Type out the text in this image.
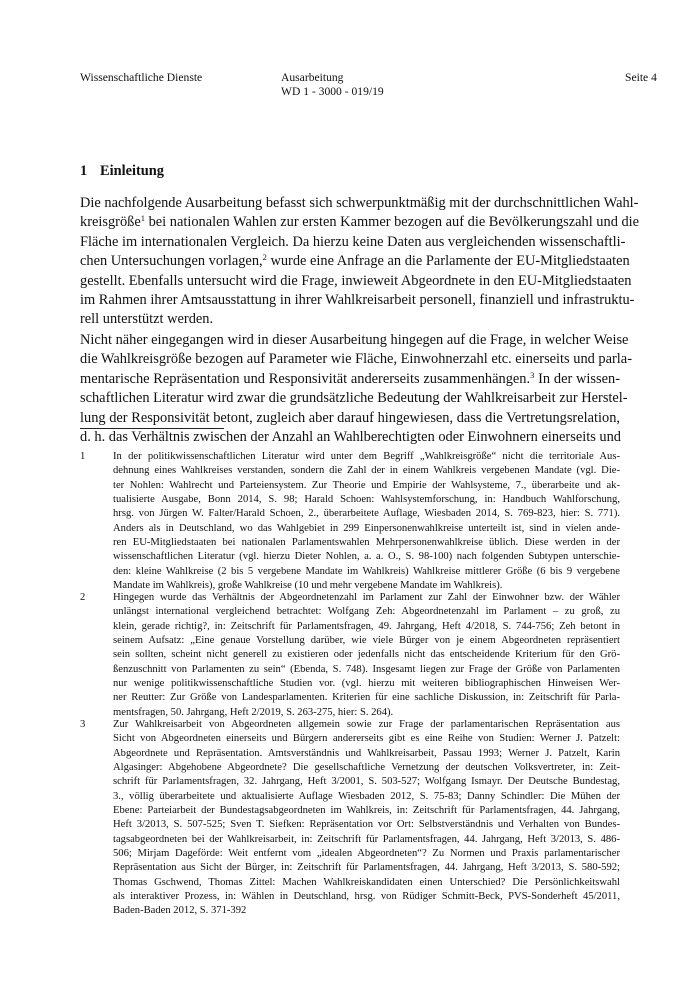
Wissenschaftliche Dienste	Ausarbeitung
WD 1 - 3000 - 019/19
Seite 4
1 Einleitung
Die nachfolgende Ausarbeitung befasst sich schwerpunktmäßig mit der durchschnittlichen Wahl-
kreisgröße$^1$ bei nationalen Wahlen zur ersten Kammer bezogen auf die Bevölkerungszahl und die
Fläche im internationalen Vergleich. Da hierzu keine Daten aus vergleichenden wissenschaftli-
chen Untersuchungen vorlagen,$^2$ wurde eine Anfrage an die Parlamente der EU-Mitgliedstaaten
gestellt. Ebenfalls untersucht wird die Frage, inwieweit Abgeordnete in den EU-Mitgliedstaaten
im Rahmen ihrer Amtsausstattung in ihrer Wahlkreisarbeit personell, finanziell und infrastruktu-
rell unterstützt werden.
Nicht näher eingegangen wird in dieser Ausarbeitung hingegen auf die Frage, in welcher Weise
die Wahlkreisgröße bezogen auf Parameter wie Fläche, Einwohnerzahl etc. einerseits und parla-
mentarische Repräsentation und Responsivität andererseits zusammenhängen.$^3$ In der wissen-
schaftlichen Literatur wird zwar die grundsätzliche Bedeutung der Wahlkreisarbeit zur Herstel-
lung der Responsivität betont, zugleich aber darauf hingewiesen, dass die Vertretungsrelation,
d. h. das Verhältnis zwischen der Anzahl an Wahlberechtigten oder Einwohnern einerseits und
1	In der politikwissenschaftlichen Literatur wird unter dem Begriff „Wahlkreisgröße“ nicht die territoriale Aus-
dehnung eines Wahlkreises verstanden, sondern die Zahl der in einem Wahlkreis vergebenen Mandate (vgl. Die-
ter Nohlen: Wahlrecht und Parteiensystem. Zur Theorie und Empirie der Wahlsysteme, 7., überarbeite und ak-
tualisierte Ausgabe, Bonn 2014, S. 98; Harald Schoen: Wahlsystemforschung, in: Handbuch Wahlforschung,
hrsg. von Jürgen W. Falter/Harald Schoen, 2., überarbeitete Auflage, Wiesbaden 2014, S. 769-823, hier: S. 771).
Anders als in Deutschland, wo das Wahlgebiet in 299 Einpersonenwahlkreise unterteilt ist, sind in vielen ande-
ren EU-Mitgliedstaaten bei nationalen Parlamentswahlen Mehrpersonenwahlkreise üblich. Diese werden in der
wissenschaftlichen Literatur (vgl. hierzu Dieter Nohlen, a. a. O., S. 98-100) nach folgenden Subtypen unterschie-
den: kleine Wahlkreise (2 bis 5 vergebene Mandate im Wahlkreis) Wahlkreise mittlerer Größe (6 bis 9 vergebene
Mandate im Wahlkreis), große Wahlkreise (10 und mehr vergebene Mandate im Wahlkreis).
2	Hingegen wurde das Verhältnis der Abgeordnetenzahl im Parlament zur Zahl der Einwohner bzw. der Wähler
unlängst international vergleichend betrachtet: Wolfgang Zeh: Abgeordnetenzahl im Parlament – zu groß, zu
klein, gerade richtig?, in: Zeitschrift für Parlamentsfragen, 49. Jahrgang, Heft 4/2018, S. 744-756; Zeh betont in
seinem Aufsatz: „Eine genaue Vorstellung darüber, wie viele Bürger von je einem Abgeordneten repräsentiert
sein sollten, scheint nicht generell zu existieren oder jedenfalls nicht das entscheidende Kriterium für den Grö-
ßenzuschnitt von Parlamenten zu sein“ (Ebenda, S. 748). Insgesamt liegen zur Frage der Größe von Parlamenten
nur wenige politikwissenschaftliche Studien vor. (vgl. hierzu mit weiteren bibliographischen Hinweisen Wer-
ner Reutter: Zur Größe von Landesparlamenten. Kriterien für eine sachliche Diskussion, in: Zeitschrift für Parla-
mentsfragen, 50. Jahrgang, Heft 2/2019, S. 263-275, hier: S. 264).
3	Zur Wahlkreisarbeit von Abgeordneten allgemein sowie zur Frage der parlamentarischen Repräsentation aus
Sicht von Abgeordneten einerseits und Bürgern andererseits gibt es eine Reihe von Studien: Werner J. Patzelt:
Abgeordnete und Repräsentation. Amtsverständnis und Wahlkreisarbeit, Passau 1993; Werner J. Patzelt, Karin
Algasinger: Abgehobene Abgeordnete? Die gesellschaftliche Vernetzung der deutschen Volksvertreter, in: Zeit-
schrift für Parlamentsfragen, 32. Jahrgang, Heft 3/2001, S. 503-527; Wolfgang Ismayr. Der Deutsche Bundestag,
3., völlig überarbeitete und aktualisierte Auflage Wiesbaden 2012, S. 75-83; Danny Schindler: Die Mühen der
Ebene: Parteiarbeit der Bundestagsabgeordneten im Wahlkreis, in: Zeitschrift für Parlamentsfragen, 44. Jahrgang,
Heft 3/2013, S. 507-525; Sven T. Siefken: Repräsentation vor Ort: Selbstverständnis und Verhalten von Bundes-
tagsabgeordneten bei der Wahlkreisarbeit, in: Zeitschrift für Parlamentsfragen, 44. Jahrgang, Heft 3/2013, S. 486-
506; Mirjam Dageförde: Weit entfernt vom „idealen Abgeordneten“? Zu Normen und Praxis parlamentarischer
Repräsentation aus Sicht der Bürger, in: Zeitschrift für Parlamentsfragen, 44. Jahrgang, Heft 3/2013, S. 580-592;
Thomas Gschwend, Thomas Zittel: Machen Wahlkreiskandidaten einen Unterschied? Die Persönlichkeitswahl
als interaktiver Prozess, in: Wählen in Deutschland, hrsg. von Rüdiger Schmitt-Beck, PVS-Sonderheft 45/2011,
Baden-Baden 2012, S. 371-392
